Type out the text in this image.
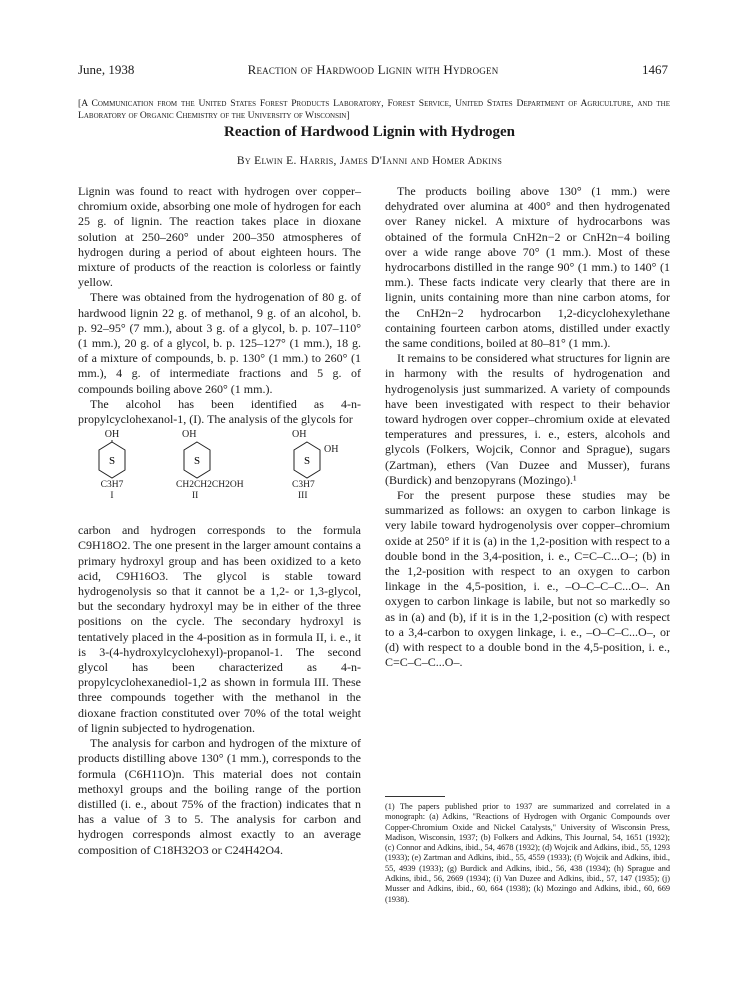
June, 1938	Reaction of Hardwood Lignin with Hydrogen	1467
[A Communication from the United States Forest Products Laboratory, Forest Service, United States Department of Agriculture, and the Laboratory of Organic Chemistry of the University of Wisconsin]
Reaction of Hardwood Lignin with Hydrogen
By Elwin E. Harris, James D'Ianni and Homer Adkins

Lignin was found to react with hydrogen over copper–chromium oxide, absorbing one mole of hydrogen for each 25 g. of lignin. The reaction takes place in dioxane solution at 250–260° under 200–350 atmospheres of hydrogen during a period of about eighteen hours. The mixture of products of the reaction is colorless or faintly yellow.

There was obtained from the hydrogenation of 80 g. of hardwood lignin 22 g. of methanol, 9 g. of an alcohol, b. p. 92–95° (7 mm.), about 3 g. of a glycol, b. p. 107–110° (1 mm.), 20 g. of a glycol, b. p. 125–127° (1 mm.), 18 g. of a mixture of compounds, b. p. 130° (1 mm.) to 260° (1 mm.), 4 g. of intermediate fractions and 5 g. of compounds boiling above 260° (1 mm.).

The alcohol has been identified as 4-n-propylcyclohexanol-1, (I). The analysis of the glycols for

OH
S
C3H7
I
OH
S
CH2CH2CH2OH
II
OH
S
OH
C3H7
III

carbon and hydrogen corresponds to the formula C9H18O2. The one present in the larger amount contains a primary hydroxyl group and has been oxidized to a keto acid, C9H16O3. The glycol is stable toward hydrogenolysis so that it cannot be a 1,2- or 1,3-glycol, but the secondary hydroxyl may be in either of the three positions on the cycle. The secondary hydroxyl is tentatively placed in the 4-position as in formula II, i. e., it is 3-(4-hydroxylcyclohexyl)-propanol-1. The second glycol has been characterized as 4-n-propylcyclohexanediol-1,2 as shown in formula III. These three compounds together with the methanol in the dioxane fraction constituted over 70% of the total weight of lignin subjected to hydrogenation.

The analysis for carbon and hydrogen of the mixture of products distilling above 130° (1 mm.), corresponds to the formula (C6H11O)n. This material does not contain methoxyl groups and the boiling range of the portion distilled (i. e., about 75% of the fraction) indicates that n has a value of 3 to 5. The analysis for carbon and hydrogen corresponds almost exactly to an average composition of C18H32O3 or C24H42O4.

The products boiling above 130° (1 mm.) were dehydrated over alumina at 400° and then hydrogenated over Raney nickel. A mixture of hydrocarbons was obtained of the formula CnH2n−2 or CnH2n−4 boiling over a wide range above 70° (1 mm.). Most of these hydrocarbons distilled in the range 90° (1 mm.) to 140° (1 mm.). These facts indicate very clearly that there are in lignin, units containing more than nine carbon atoms, for the CnH2n−2 hydrocarbon 1,2-dicyclohexylethane containing fourteen carbon atoms, distilled under exactly the same conditions, boiled at 80–81° (1 mm.).

It remains to be considered what structures for lignin are in harmony with the results of hydrogenation and hydrogenolysis just summarized. A variety of compounds have been investigated with respect to their behavior toward hydrogen over copper–chromium oxide at elevated temperatures and pressures, i. e., esters, alcohols and glycols (Folkers, Wojcik, Connor and Sprague), sugars (Zartman), ethers (Van Duzee and Musser), furans (Burdick) and benzopyrans (Mozingo).¹

For the present purpose these studies may be summarized as follows: an oxygen to carbon linkage is very labile toward hydrogenolysis over copper–chromium oxide at 250° if it is (a) in the 1,2-position with respect to a double bond in the 3,4-position, i. e., C=C–C...O–; (b) in the 1,2-position with respect to an oxygen to carbon linkage in the 4,5-position, i. e., –O–C–C–C...O–. An oxygen to carbon linkage is labile, but not so markedly so as in (a) and (b), if it is in the 1,2-position (c) with respect to a 3,4-carbon to oxygen linkage, i. e., –O–C–C...O–, or (d) with respect to a double bond in the 4,5-position, i. e., C=C–C–C...O–.

(1) The papers published prior to 1937 are summarized and correlated in a monograph: (a) Adkins, "Reactions of Hydrogen with Organic Compounds over Copper-Chromium Oxide and Nickel Catalysts," University of Wisconsin Press, Madison, Wisconsin, 1937; (b) Folkers and Adkins, This Journal, 54, 1651 (1932); (c) Connor and Adkins, ibid., 54, 4678 (1932); (d) Wojcik and Adkins, ibid., 55, 1293 (1933); (e) Zartman and Adkins, ibid., 55, 4559 (1933); (f) Wojcik and Adkins, ibid., 55, 4939 (1933); (g) Burdick and Adkins, ibid., 56, 438 (1934); (h) Sprague and Adkins, ibid., 56, 2669 (1934); (i) Van Duzee and Adkins, ibid., 57, 147 (1935); (j) Musser and Adkins, ibid., 60, 664 (1938); (k) Mozingo and Adkins, ibid., 60, 669 (1938).
